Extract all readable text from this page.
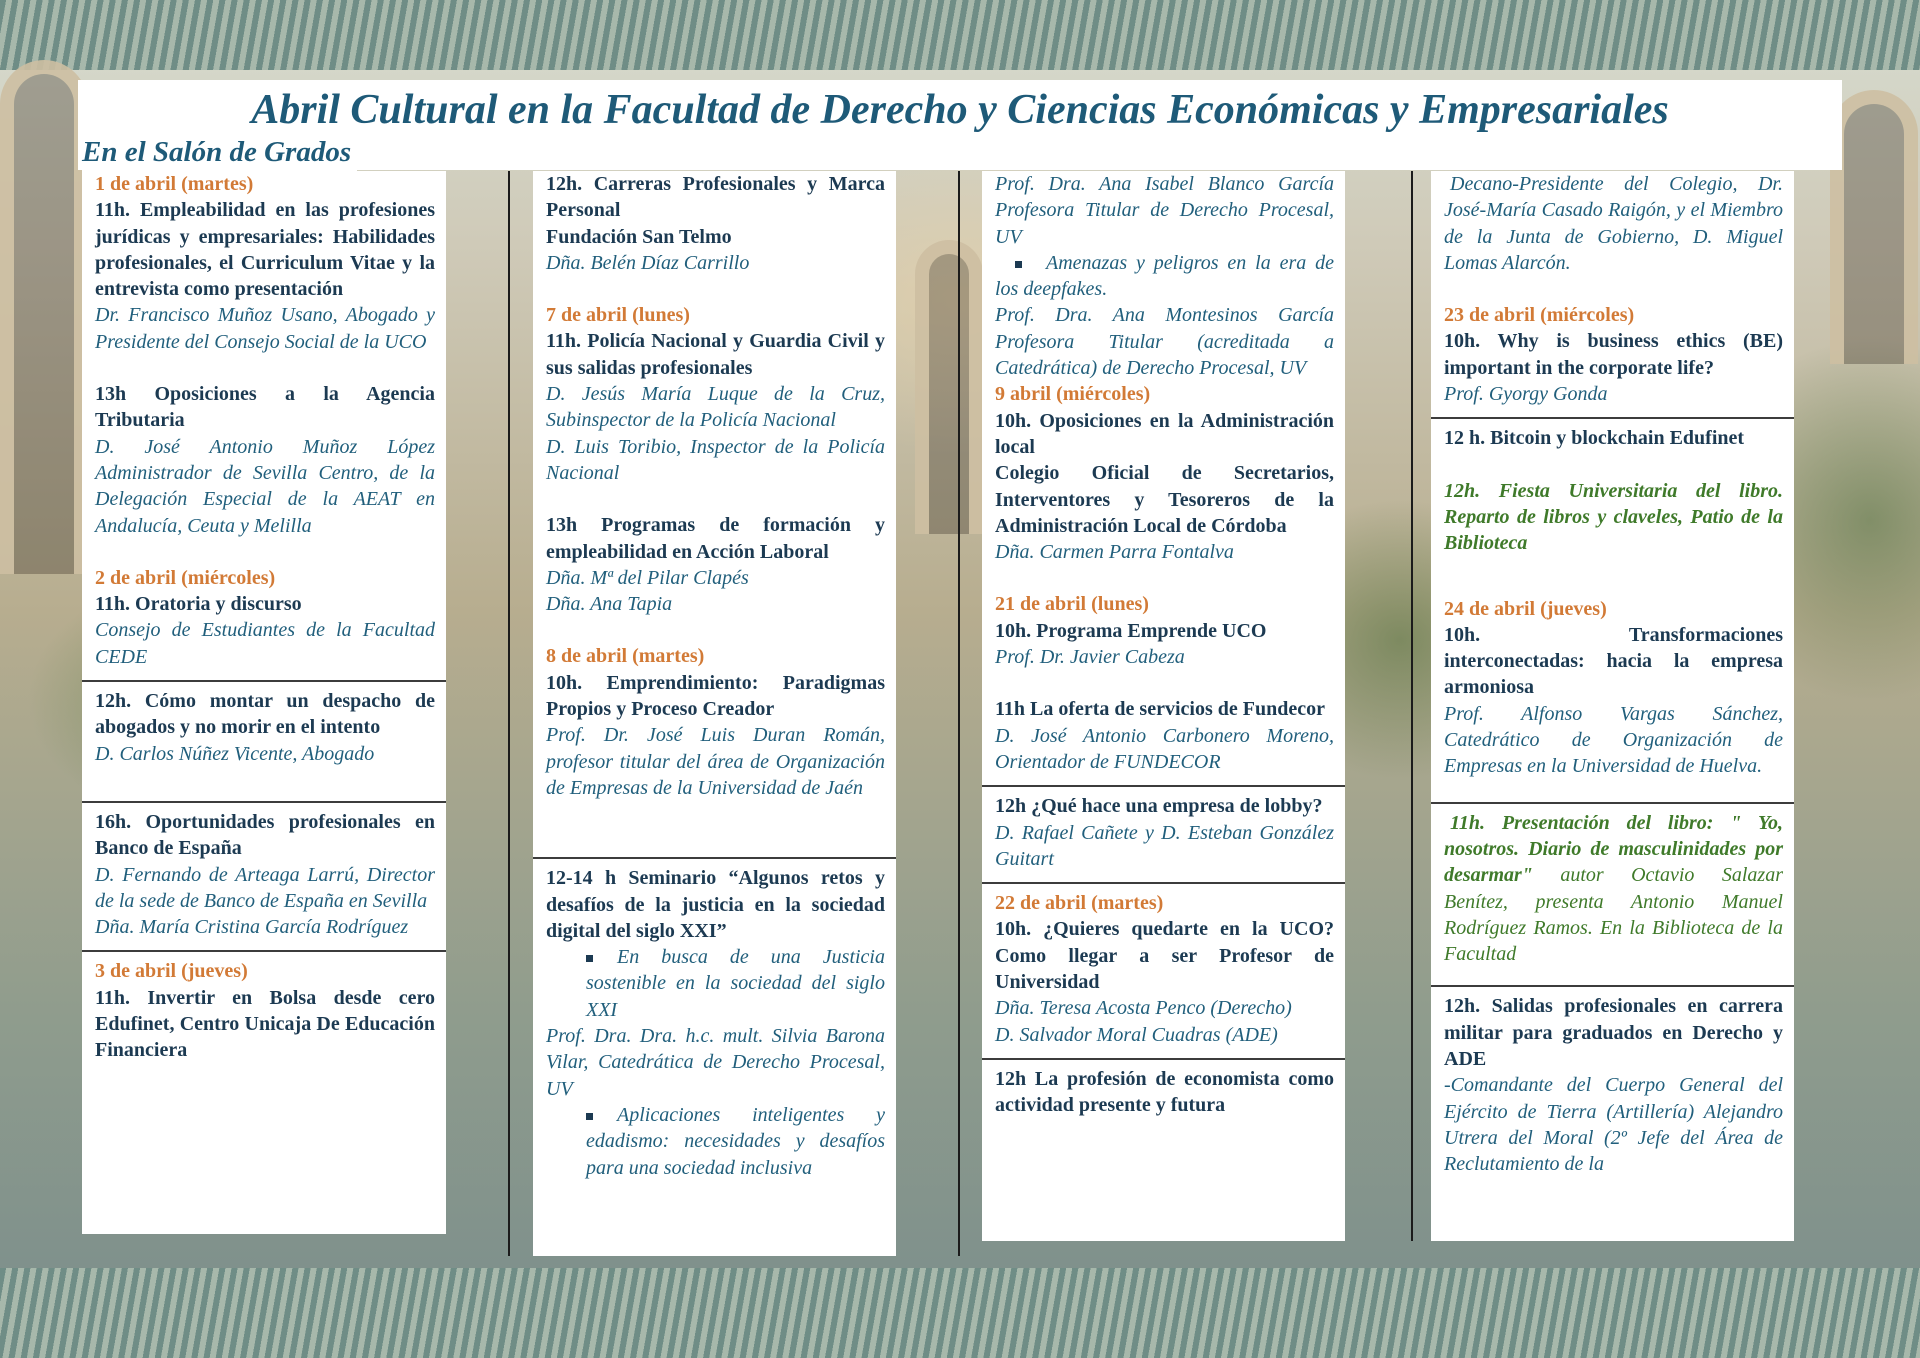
Abril Cultural en la Facultad de Derecho y Ciencias Económicas y Empresariales
En el Salón de Grados
1 de abril (martes)
11h. Empleabilidad en las profesiones jurídicas y empresariales: Habilidades profesionales, el Curriculum Vitae y la entrevista como presentación
Dr. Francisco Muñoz Usano, Abogado y Presidente del Consejo Social de la UCO
13h Oposiciones a la Agencia Tributaria
D. José Antonio Muñoz López Administrador de Sevilla Centro, de la Delegación Especial de la AEAT en Andalucía, Ceuta y Melilla
2 de abril (miércoles)
11h. Oratoria y discurso
Consejo de Estudiantes de la Facultad CEDE
12h. Cómo montar un despacho de abogados y no morir en el intento
D. Carlos Núñez Vicente, Abogado
16h. Oportunidades profesionales en Banco de España
D. Fernando de Arteaga Larrú, Director de la sede de Banco de España en Sevilla
Dña. María Cristina García Rodríguez
3 de abril (jueves)
11h. Invertir en Bolsa desde cero Edufinet, Centro Unicaja De Educación Financiera
12h. Carreras Profesionales y Marca Personal
Fundación San Telmo
Dña. Belén Díaz Carrillo
7 de abril (lunes)
11h. Policía Nacional y Guardia Civil y sus salidas profesionales
D. Jesús María Luque de la Cruz, Subinspector de la Policía Nacional
D. Luis Toribio, Inspector de la Policía Nacional
13h Programas de formación y empleabilidad en Acción Laboral
Dña. Mª del Pilar Clapés
Dña. Ana Tapia
8 de abril (martes)
10h. Emprendimiento: Paradigmas Propios y Proceso Creador
Prof. Dr. José Luis Duran Román, profesor titular del área de Organización de Empresas de la Universidad de Jaén
12-14 h Seminario “Algunos retos y desafíos de la justicia en la sociedad digital del siglo XXI”
En busca de una Justicia sostenible en la sociedad del siglo XXI
Prof. Dra. Dra. h.c. mult. Silvia Barona Vilar, Catedrática de Derecho Procesal, UV
Aplicaciones inteligentes y edadismo: necesidades y desafíos para una sociedad inclusiva
Prof. Dra. Ana Isabel Blanco García Profesora Titular de Derecho Procesal, UV
Amenazas y peligros en la era de los deepfakes.
Prof. Dra. Ana Montesinos García Profesora Titular (acreditada a Catedrática) de Derecho Procesal, UV
9 abril (miércoles)
10h. Oposiciones en la Administración local
Colegio Oficial de Secretarios, Interventores y Tesoreros de la Administración Local de Córdoba
Dña. Carmen Parra Fontalva
21 de abril (lunes)
10h. Programa Emprende UCO
Prof. Dr. Javier Cabeza
11h La oferta de servicios de Fundecor
D. José Antonio Carbonero Moreno, Orientador de FUNDECOR
12h ¿Qué hace una empresa de lobby?
D. Rafael Cañete y D. Esteban González Guitart
22 de abril (martes)
10h. ¿Quieres quedarte en la UCO? Como llegar a ser Profesor de Universidad
Dña. Teresa Acosta Penco (Derecho)
D. Salvador Moral Cuadras (ADE)
12h La profesión de economista como actividad presente y futura
Decano-Presidente del Colegio, Dr. José-María Casado Raigón, y el Miembro de la Junta de Gobierno, D. Miguel Lomas Alarcón.
23 de abril (miércoles)
10h. Why is business ethics (BE) important in the corporate life?
Prof. Gyorgy Gonda
12 h. Bitcoin y blockchain Edufinet
12h. Fiesta Universitaria del libro. Reparto de libros y claveles, Patio de la Biblioteca
24 de abril (jueves)
10h. Transformaciones interconectadas: hacia la empresa armoniosa
Prof. Alfonso Vargas Sánchez, Catedrático de Organización de Empresas en la Universidad de Huelva.
11h. Presentación del libro: " Yo, nosotros. Diario de masculinidades por desarmar" autor Octavio Salazar Benítez, presenta Antonio Manuel Rodríguez Ramos. En la Biblioteca de la Facultad
12h. Salidas profesionales en carrera militar para graduados en Derecho y ADE
-Comandante del Cuerpo General del Ejército de Tierra (Artillería) Alejandro Utrera del Moral (2º Jefe del Área de Reclutamiento de la
